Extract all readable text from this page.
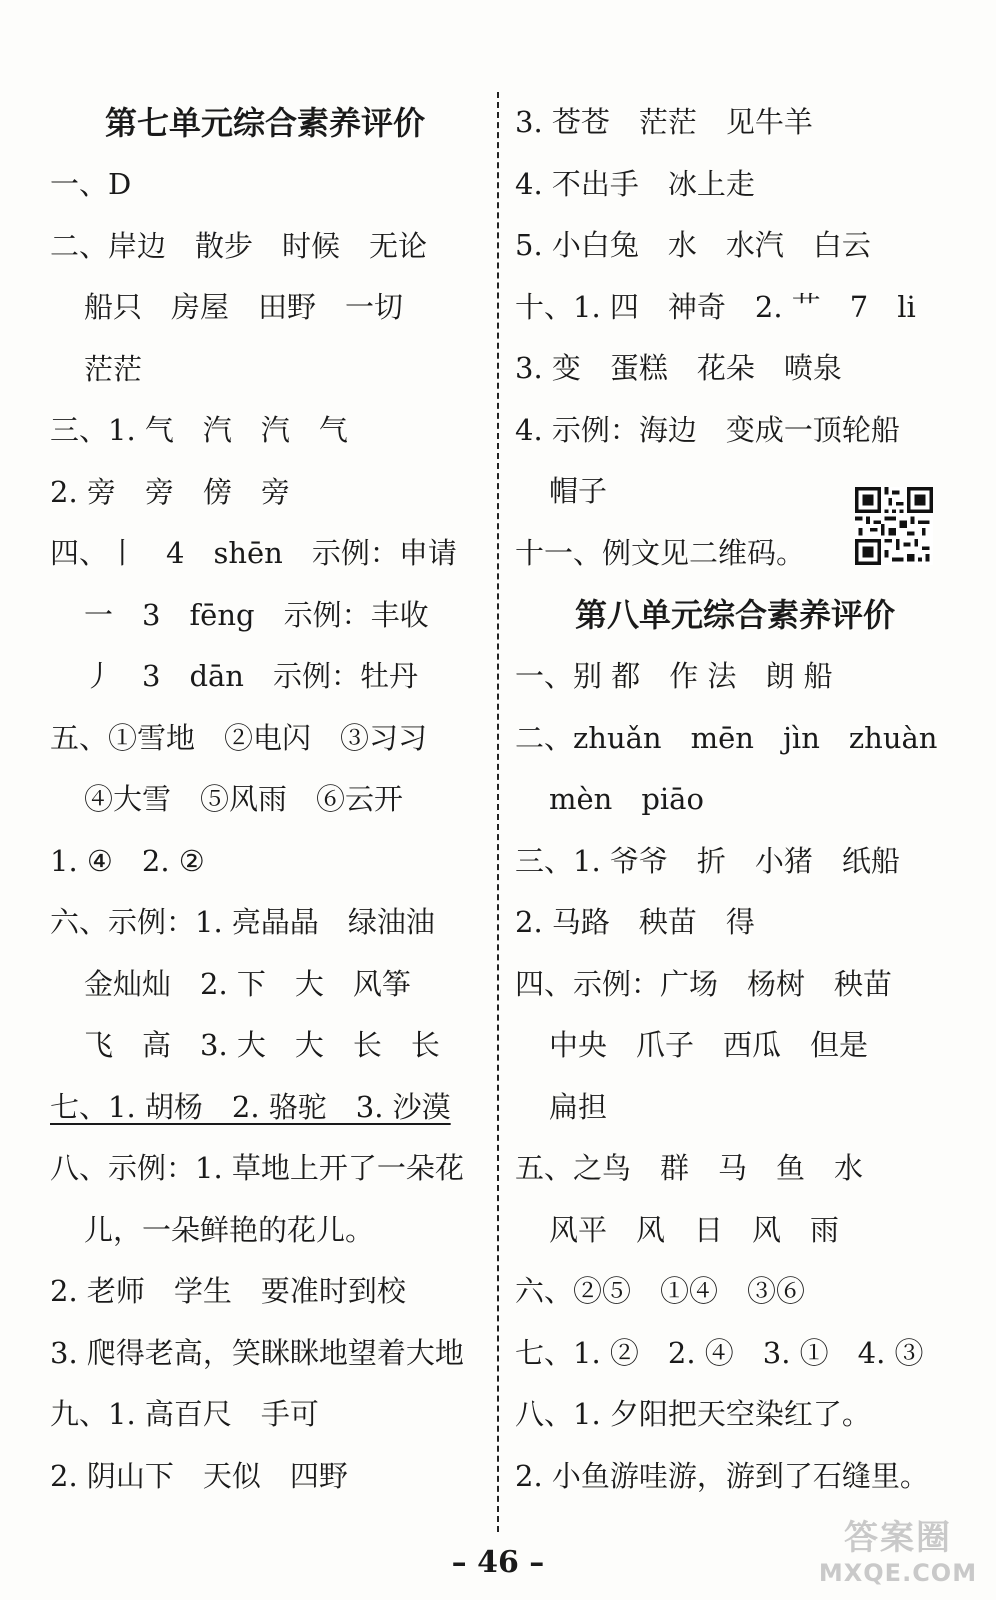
第七单元综合素养评价
一、D
二、岸边　散步　时候　无论
船只　房屋　田野　一切
茫茫
三、1. 气　汽　汽　气
2. 旁　旁　傍　旁
四、丨　4　shēn　示例：申请
一　3　fēng　示例：丰收
丿　3　dān　示例：牡丹
五、①雪地　②电闪　③习习
④大雪　⑤风雨　⑥云开
1. ④　2. ②
六、示例：1. 亮晶晶　绿油油
金灿灿　2. 下　大　风筝
飞　高　3. 大　大　长　长
七、1. 胡杨　2. 骆驼　3. 沙漠
八、示例：1. 草地上开了一朵花
儿，一朵鲜艳的花儿。
2. 老师　学生　要准时到校
3. 爬得老高，笑眯眯地望着大地
九、1. 高百尺　手可
2. 阴山下　天似　四野
3. 苍苍　茫茫　见牛羊
4. 不出手　冰上走
5. 小白兔　水　水汽　白云
十、1. 四　神奇　2. 艹　7　li
3. 变　蛋糕　花朵　喷泉
4. 示例：海边　变成一顶轮船
帽子
十一、例文见二维码。
第八单元综合素养评价
一、别 都　作 法　朗 船
二、zhuǎn　mēn　jìn　zhuàn
mèn　piāo
三、1. 爷爷　折　小猪　纸船
2. 马路　秧苗　得
四、示例：广场　杨树　秧苗
中央　爪子　西瓜　但是
扁担
五、之鸟　群　马　鱼　水
风平　风　日　风　雨
六、②⑤　①④　③⑥
七、1. ②　2. ④　3. ①　4. ③
八、1. 夕阳把天空染红了。
2. 小鱼游哇游，游到了石缝里。
– 46 –
答案圈
MXQE.COM
